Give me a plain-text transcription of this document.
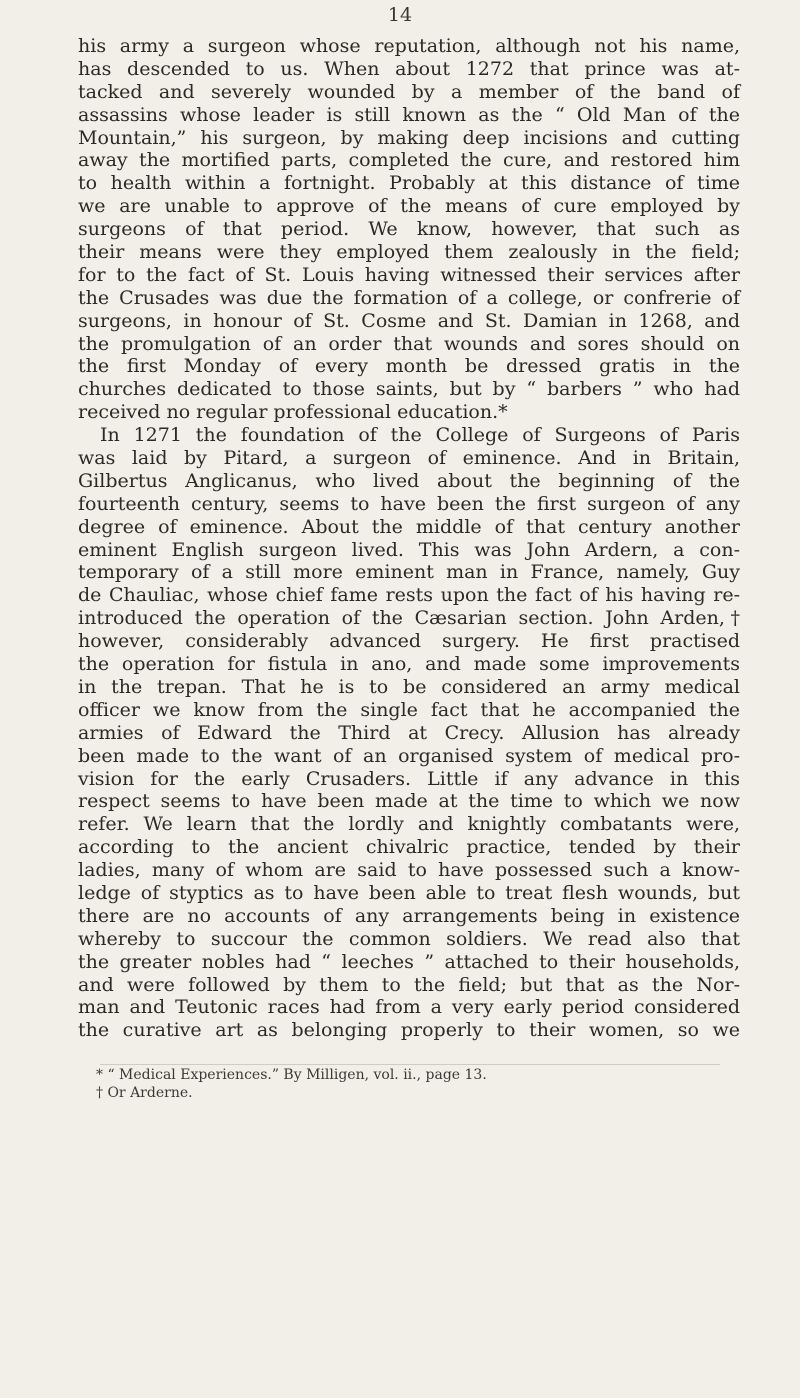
14
his army a surgeon whose reputation, although not his name,
has descended to us. When about 1272 that prince was at-
tacked and severely wounded by a member of the band of
assassins whose leader is still known as the “ Old Man of the
Mountain,” his surgeon, by making deep incisions and cutting
away the mortified parts, completed the cure, and restored him
to health within a fortnight. Probably at this distance of time
we are unable to approve of the means of cure employed by
surgeons of that period. We know, however, that such as
their means were they employed them zealously in the field;
for to the fact of St. Louis having witnessed their services after
the Crusades was due the formation of a college, or confrerie of
surgeons, in honour of St. Cosme and St. Damian in 1268, and
the promulgation of an order that wounds and sores should on
the first Monday of every month be dressed gratis in the
churches dedicated to those saints, but by “ barbers ” who had
received no regular professional education.*
In 1271 the foundation of the College of Surgeons of Paris
was laid by Pitard, a surgeon of eminence. And in Britain,
Gilbertus Anglicanus, who lived about the beginning of the
fourteenth century, seems to have been the first surgeon of any
degree of eminence. About the middle of that century another
eminent English surgeon lived. This was John Ardern, a con-
temporary of a still more eminent man in France, namely, Guy
de Chauliac, whose chief fame rests upon the fact of his having re-
introduced the operation of the Cæsarian section. John Arden,†
however, considerably advanced surgery. He first practised
the operation for fistula in ano, and made some improvements
in the trepan. That he is to be considered an army medical
officer we know from the single fact that he accompanied the
armies of Edward the Third at Crecy. Allusion has already
been made to the want of an organised system of medical pro-
vision for the early Crusaders. Little if any advance in this
respect seems to have been made at the time to which we now
refer. We learn that the lordly and knightly combatants were,
according to the ancient chivalric practice, tended by their
ladies, many of whom are said to have possessed such a know-
ledge of styptics as to have been able to treat flesh wounds, but
there are no accounts of any arrangements being in existence
whereby to succour the common soldiers. We read also that
the greater nobles had “ leeches ” attached to their households,
and were followed by them to the field; but that as the Nor-
man and Teutonic races had from a very early period considered
the curative art as belonging properly to their women, so we
* “ Medical Experiences.” By Milligen, vol. ii., page 13.
† Or Arderne.
